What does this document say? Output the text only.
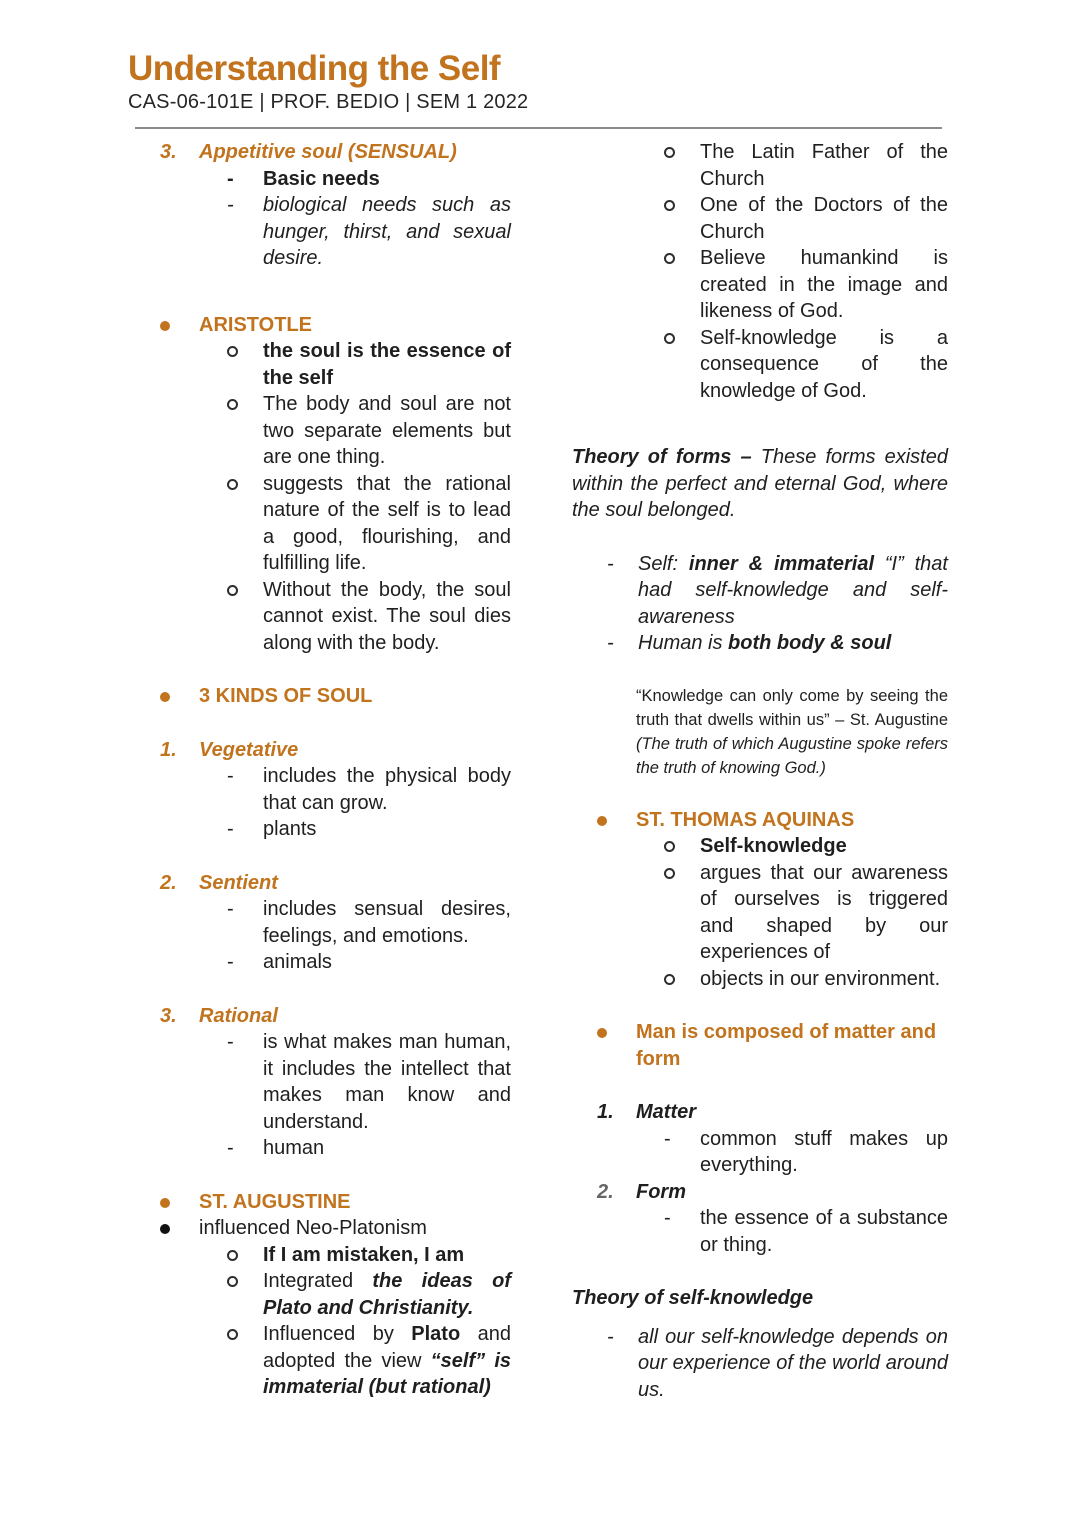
Understanding the Self
CAS-06-101E | PROF. BEDIO | SEM 1 2022
3.	Appetitive soul (SENSUAL)
-	Basic needs
-	biological needs such as hunger, thirst, and sexual desire.
ARISTOTLE
the soul is the essence of the self
The body and soul are not two separate elements but are one thing.
suggests that the rational nature of the self is to lead a good, flourishing, and fulfilling life.
Without the body, the soul cannot exist. The soul dies along with the body.
3 KINDS OF SOUL
1.	Vegetative
-	includes the physical body that can grow.
-	plants
2.	Sentient
-	includes sensual desires, feelings, and emotions.
-	animals
3.	Rational
-	is what makes man human, it includes the intellect that makes man know and understand.
-	human
ST. AUGUSTINE
influenced Neo-Platonism
If I am mistaken, I am
Integrated the ideas of Plato and Christianity.
Influenced by Plato and adopted the view “self” is immaterial (but rational)
The Latin Father of the Church
One of the Doctors of the Church
Believe humankind is created in the image and likeness of God.
Self-knowledge is a consequence of the knowledge of God.
Theory of forms – These forms existed within the perfect and eternal God, where the soul belonged.
-	Self: inner & immaterial “I” that had self-knowledge and self-awareness
-	Human is both body & soul
“Knowledge can only come by seeing the truth that dwells within us” – St. Augustine (The truth of which Augustine spoke refers the truth of knowing God.)
ST. THOMAS AQUINAS
Self-knowledge
argues that our awareness of ourselves is triggered and shaped by our experiences of
objects in our environment.
Man is composed of matter and form
1.	Matter
-	common stuff makes up everything.
2.	Form
-	the essence of a substance or thing.
Theory of self-knowledge
-	all our self-knowledge depends on our experience of the world around us.
